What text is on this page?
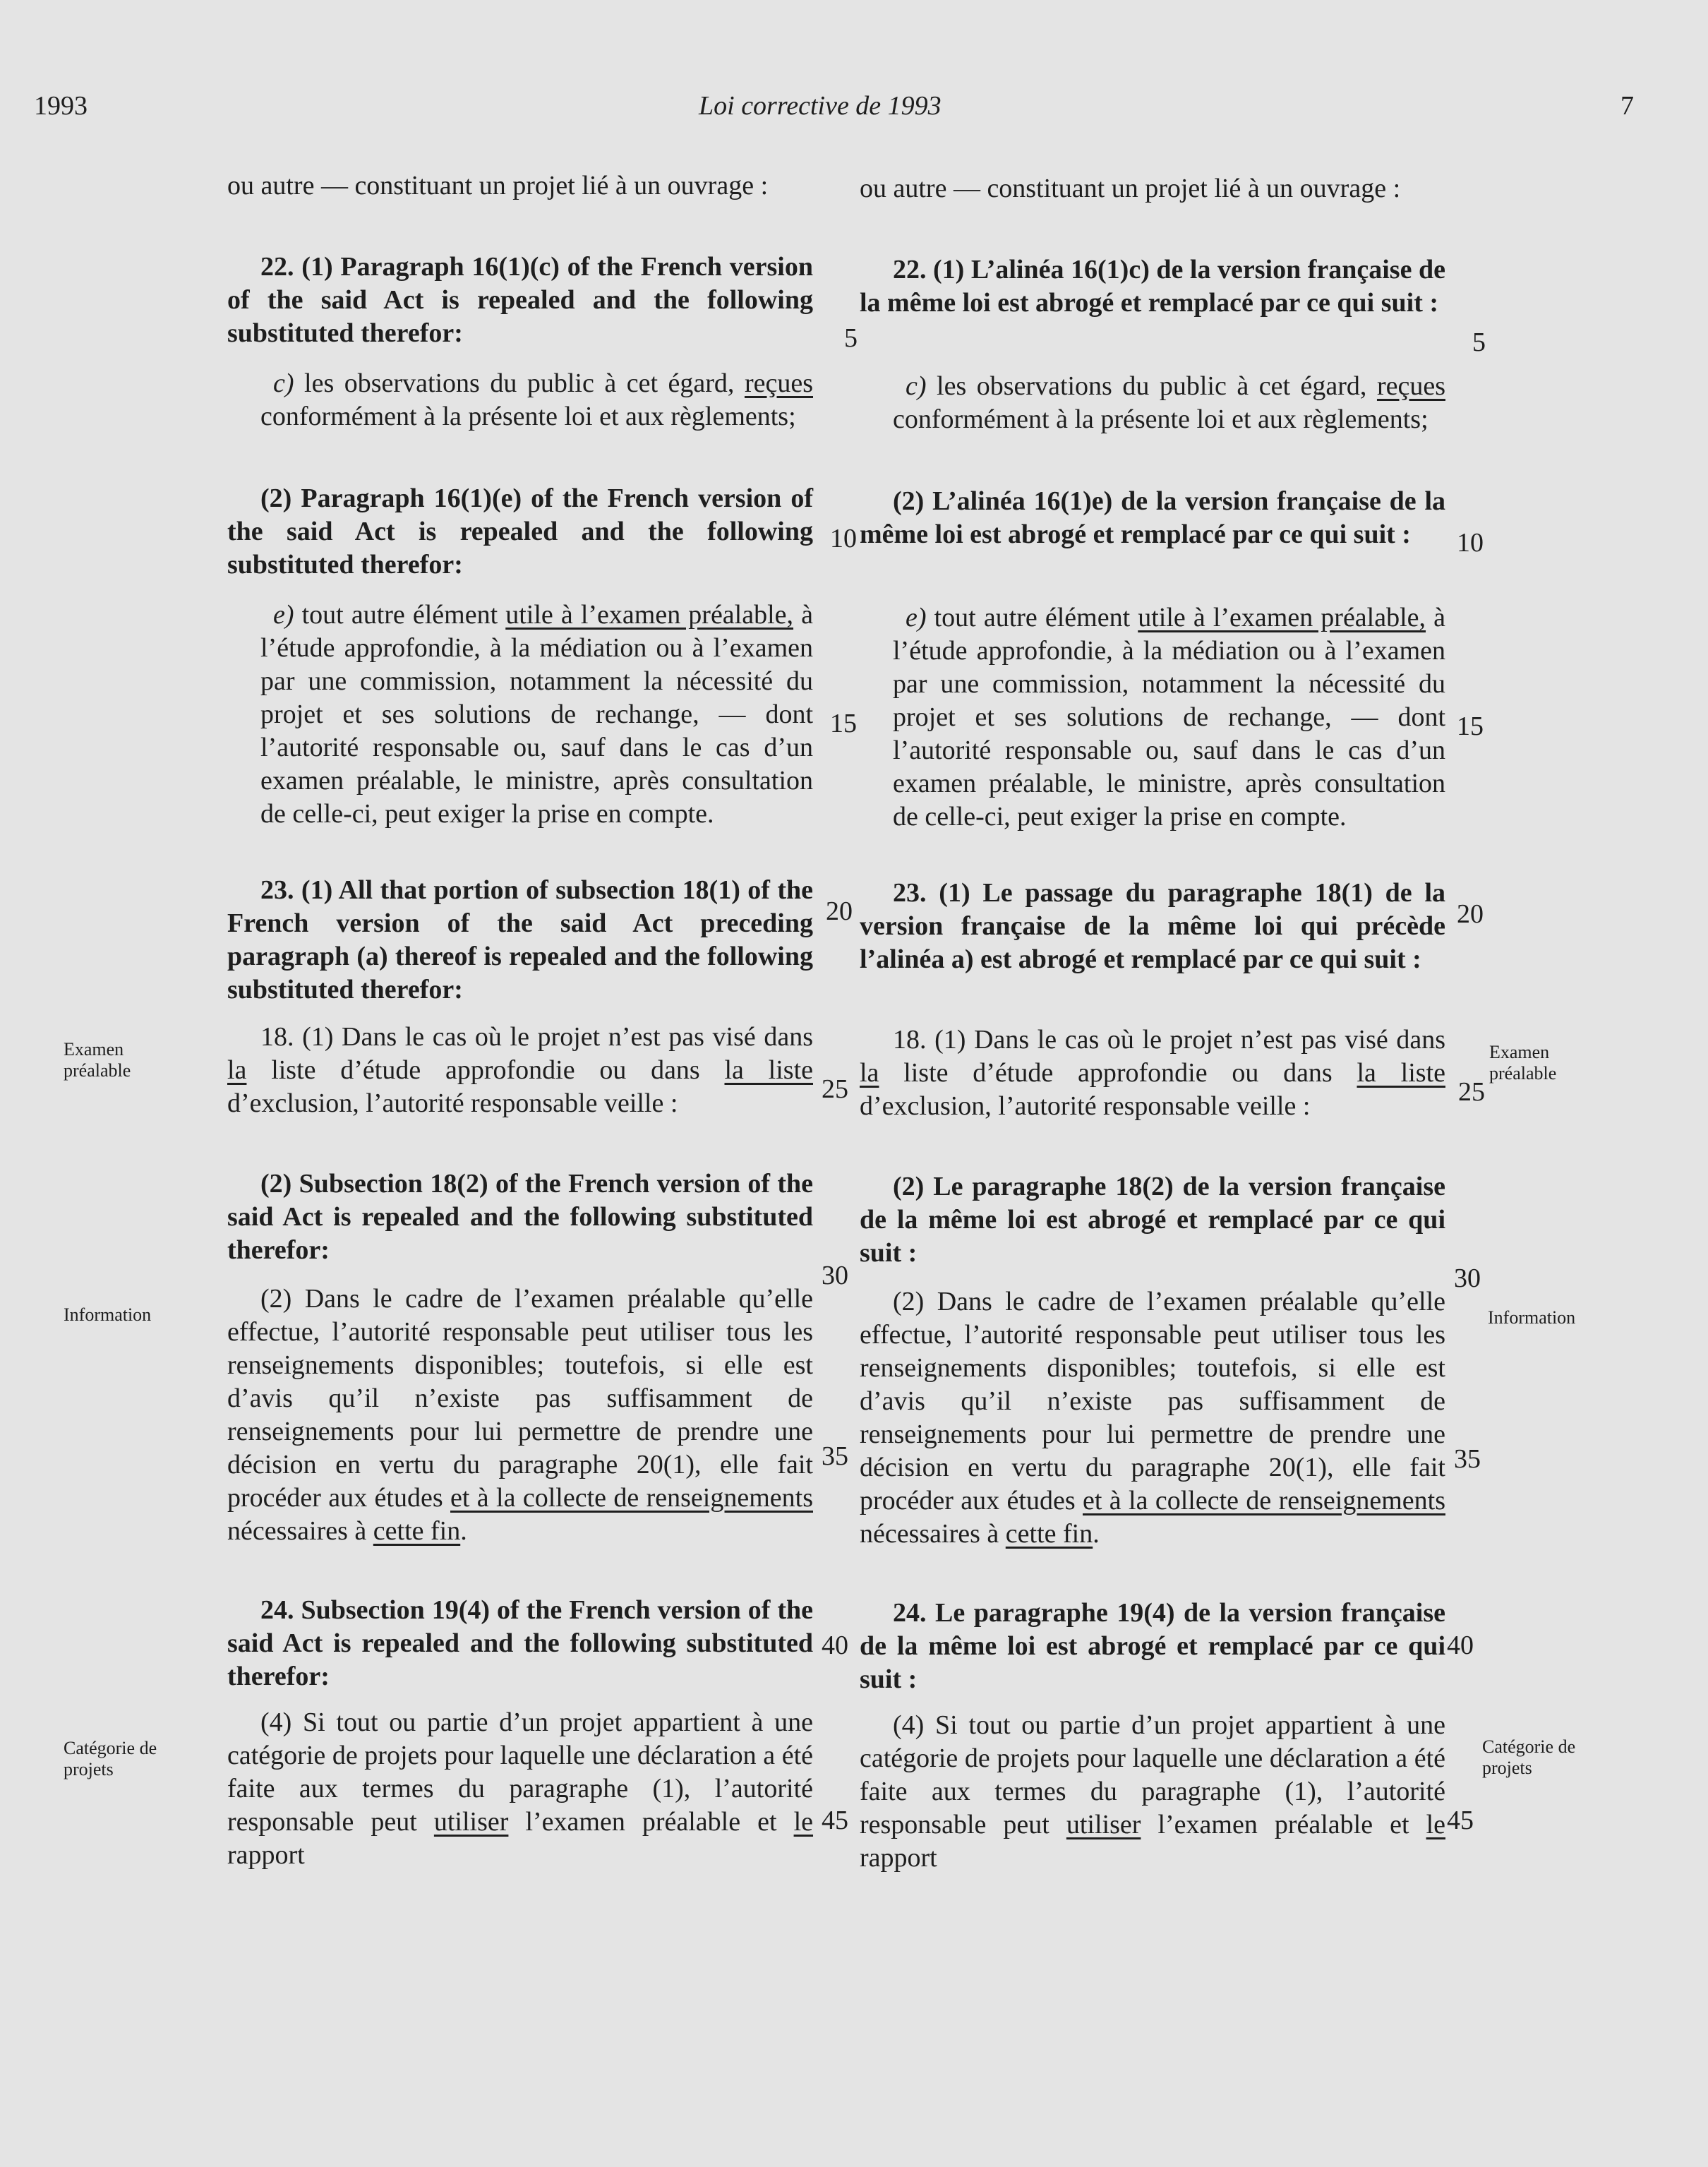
1993	Loi corrective de 1993	7
Examen
préalable
Information
Catégorie de
projets
Examen
préalable
Information
Catégorie de
projets
5
10
15
20
25
30
35
40
45
5
10
15
20
25
30
35
40
45

ou autre — constituant un projet lié à un ouvrage :

22. (1) Paragraph 16(1)(c) of the French version of the said Act is repealed and the following substituted therefor:

c) les observations du public à cet égard, reçues conformément à la présente loi et aux règlements;

(2) Paragraph 16(1)(e) of the French version of the said Act is repealed and the following substituted therefor:

e) tout autre élément utile à l’examen préalable, à l’étude approfondie, à la médiation ou à l’examen par une commission, notamment la nécessité du projet et ses solutions de rechange, — dont l’autorité responsable ou, sauf dans le cas d’un examen préalable, le ministre, après consultation de celle-ci, peut exiger la prise en compte.

23. (1) All that portion of subsection 18(1) of the French version of the said Act preceding paragraph (a) thereof is repealed and the following substituted therefor:

18. (1) Dans le cas où le projet n’est pas visé dans la liste d’étude approfondie ou dans la liste d’exclusion, l’autorité responsable veille :

(2) Subsection 18(2) of the French version of the said Act is repealed and the following substituted therefor:

(2) Dans le cadre de l’examen préalable qu’elle effectue, l’autorité responsable peut utiliser tous les renseignements disponibles; toutefois, si elle est d’avis qu’il n’existe pas suffisamment de renseignements pour lui permettre de prendre une décision en vertu du paragraphe 20(1), elle fait procéder aux études et à la collecte de renseignements nécessaires à cette fin.

24. Subsection 19(4) of the French version of the said Act is repealed and the following substituted therefor:

(4) Si tout ou partie d’un projet appartient à une catégorie de projets pour laquelle une déclaration a été faite aux termes du paragraphe (1), l’autorité responsable peut utiliser l’examen préalable et le rapport

ou autre — constituant un projet lié à un ouvrage :

22. (1) L’alinéa 16(1)c) de la version française de la même loi est abrogé et remplacé par ce qui suit :

c) les observations du public à cet égard, reçues conformément à la présente loi et aux règlements;

(2) L’alinéa 16(1)e) de la version française de la même loi est abrogé et remplacé par ce qui suit :

e) tout autre élément utile à l’examen préalable, à l’étude approfondie, à la médiation ou à l’examen par une commission, notamment la nécessité du projet et ses solutions de rechange, — dont l’autorité responsable ou, sauf dans le cas d’un examen préalable, le ministre, après consultation de celle-ci, peut exiger la prise en compte.

23. (1) Le passage du paragraphe 18(1) de la version française de la même loi qui précède l’alinéa a) est abrogé et remplacé par ce qui suit :

18. (1) Dans le cas où le projet n’est pas visé dans la liste d’étude approfondie ou dans la liste d’exclusion, l’autorité responsable veille :

(2) Le paragraphe 18(2) de la version française de la même loi est abrogé et remplacé par ce qui suit :

(2) Dans le cadre de l’examen préalable qu’elle effectue, l’autorité responsable peut utiliser tous les renseignements disponibles; toutefois, si elle est d’avis qu’il n’existe pas suffisamment de renseignements pour lui permettre de prendre une décision en vertu du paragraphe 20(1), elle fait procéder aux études et à la collecte de renseignements nécessaires à cette fin.

24. Le paragraphe 19(4) de la version française de la même loi est abrogé et remplacé par ce qui suit :

(4) Si tout ou partie d’un projet appartient à une catégorie de projets pour laquelle une déclaration a été faite aux termes du paragraphe (1), l’autorité responsable peut utiliser l’examen préalable et le rapport
